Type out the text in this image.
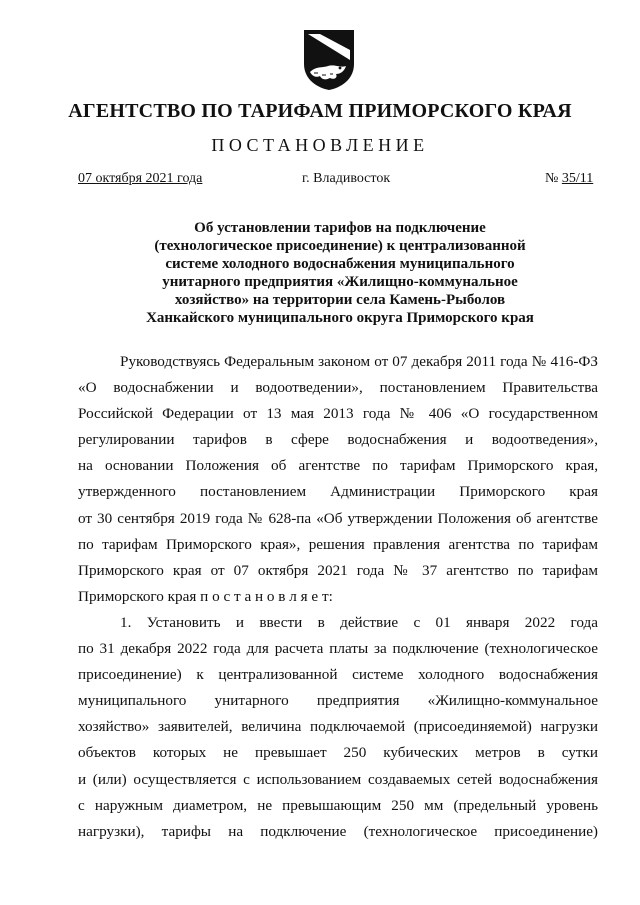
АГЕНТСТВО ПО ТАРИФАМ ПРИМОРСКОГО КРАЯ
ПОСТАНОВЛЕНИЕ
07 октября 2021 года	г. Владивосток	№ 35/11
Об установлении тарифов на подключение
(технологическое присоединение) к централизованной
системе холодного водоснабжения муниципального
унитарного предприятия «Жилищно-коммунальное
хозяйство» на территории села Камень-Рыболов
Ханкайского муниципального округа Приморского края
Руководствуясь Федеральным законом от 07 декабря 2011 года № 416-ФЗ
«О водоснабжении и водоотведении», постановлением Правительства
Российской Федерации от 13 мая 2013 года № 406 «О государственном
регулировании тарифов в сфере водоснабжения и водоотведения»,
на основании Положения об агентстве по тарифам Приморского края,
утвержденного постановлением Администрации Приморского края
от 30 сентября 2019 года № 628-па «Об утверждении Положения об агентстве
по тарифам Приморского края», решения правления агентства по тарифам
Приморского края от 07 октября 2021 года № 37 агентство по тарифам
Приморского края п о с т а н о в л я е т:
1. Установить и ввести в действие с 01 января 2022 года
по 31 декабря 2022 года для расчета платы за подключение (технологическое
присоединение) к централизованной системе холодного водоснабжения
муниципального унитарного предприятия «Жилищно-коммунальное
хозяйство» заявителей, величина подключаемой (присоединяемой) нагрузки
объектов которых не превышает 250 кубических метров в сутки
и (или) осуществляется с использованием создаваемых сетей водоснабжения
с наружным диаметром, не превышающим 250 мм (предельный уровень
нагрузки), тарифы на подключение (технологическое присоединение)
